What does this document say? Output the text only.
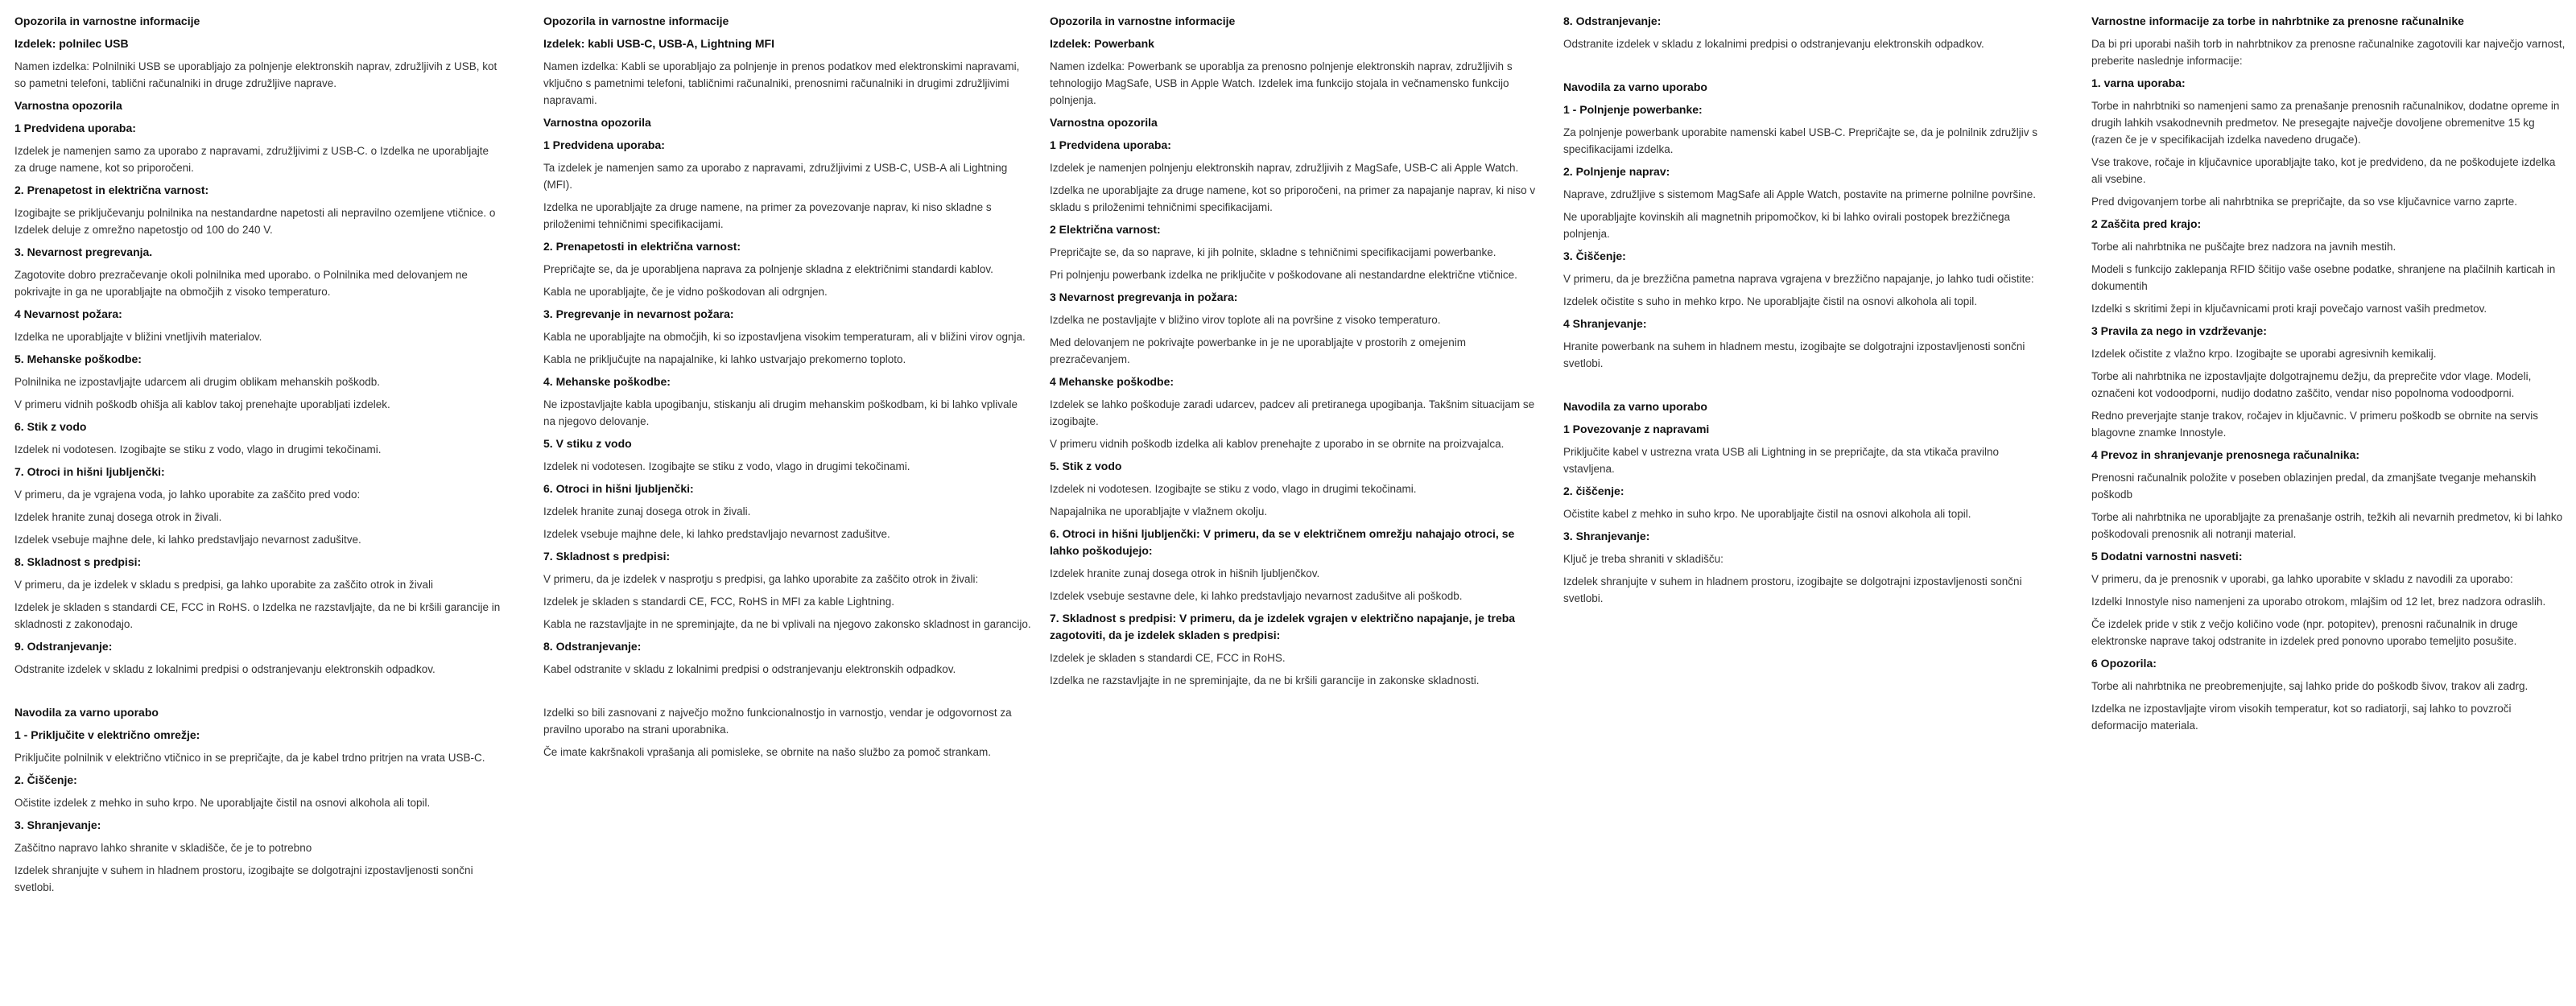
Opozorila in varnostne informacije
Izdelek: polnilec USB

Namen izdelka: Polnilniki USB se uporabljajo za polnjenje elektronskih naprav, združljivih z USB, kot so pametni telefoni, tablični računalniki in druge združljive naprave.

Varnostna opozorila
1 Predvidena uporaba:

Izdelek je namenjen samo za uporabo z napravami, združljivimi z USB-C. o Izdelka ne uporabljajte za druge namene, kot so priporočeni.

2. Prenapetost in električna varnost:

Izogibajte se priključevanju polnilnika na nestandardne napetosti ali nepravilno ozemljene vtičnice. o Izdelek deluje z omrežno napetostjo od 100 do 240 V.

3. Nevarnost pregrevanja.

Zagotovite dobro prezračevanje okoli polnilnika med uporabo. o Polnilnika med delovanjem ne pokrivajte in ga ne uporabljajte na območjih z visoko temperaturo.

4 Nevarnost požara:

Izdelka ne uporabljajte v bližini vnetljivih materialov.

5. Mehanske poškodbe:

Polnilnika ne izpostavljajte udarcem ali drugim oblikam mehanskih poškodb.

V primeru vidnih poškodb ohišja ali kablov takoj prenehajte uporabljati izdelek.

6. Stik z vodo

Izdelek ni vodotesen. Izogibajte se stiku z vodo, vlago in drugimi tekočinami.

7. Otroci in hišni ljubljenčki:

V primeru, da je vgrajena voda, jo lahko uporabite za zaščito pred vodo:

Izdelek hranite zunaj dosega otrok in živali.

Izdelek vsebuje majhne dele, ki lahko predstavljajo nevarnost zadušitve.

8. Skladnost s predpisi:

V primeru, da je izdelek v skladu s predpisi, ga lahko uporabite za zaščito otrok in živali

Izdelek je skladen s standardi CE, FCC in RoHS. o Izdelka ne razstavljajte, da ne bi kršili garancije in skladnosti z zakonodajo.

9. Odstranjevanje:

Odstranite izdelek v skladu z lokalnimi predpisi o odstranjevanju elektronskih odpadkov.

Navodila za varno uporabo
1 - Priključite v električno omrežje:

Priključite polnilnik v električno vtičnico in se prepričajte, da je kabel trdno pritrjen na vrata USB-C.

2. Čiščenje:

Očistite izdelek z mehko in suho krpo. Ne uporabljajte čistil na osnovi alkohola ali topil.

3. Shranjevanje:

Zaščitno napravo lahko shranite v skladišče, če je to potrebno

Izdelek shranjujte v suhem in hladnem prostoru, izogibajte se dolgotrajni izpostavljenosti sončni svetlobi.

Opozorila in varnostne informacije
Izdelek: kabli USB-C, USB-A, Lightning MFI

Namen izdelka: Kabli se uporabljajo za polnjenje in prenos podatkov med elektronskimi napravami, vključno s pametnimi telefoni, tabličnimi računalniki, prenosnimi računalniki in drugimi združljivimi napravami.

Varnostna opozorila
1 Predvidena uporaba:

Ta izdelek je namenjen samo za uporabo z napravami, združljivimi z USB-C, USB-A ali Lightning (MFI).

Izdelka ne uporabljajte za druge namene, na primer za povezovanje naprav, ki niso skladne s priloženimi tehničnimi specifikacijami.

2. Prenapetosti in električna varnost:

Prepričajte se, da je uporabljena naprava za polnjenje skladna z električnimi standardi kablov.

Kabla ne uporabljajte, če je vidno poškodovan ali odrgnjen.

3. Pregrevanje in nevarnost požara:

Kabla ne uporabljajte na območjih, ki so izpostavljena visokim temperaturam, ali v bližini virov ognja.

Kabla ne priključujte na napajalnike, ki lahko ustvarjajo prekomerno toploto.

4. Mehanske poškodbe:

Ne izpostavljajte kabla upogibanju, stiskanju ali drugim mehanskim poškodbam, ki bi lahko vplivale na njegovo delovanje.

5. V stiku z vodo

Izdelek ni vodotesen. Izogibajte se stiku z vodo, vlago in drugimi tekočinami.

6. Otroci in hišni ljubljenčki:

Izdelek hranite zunaj dosega otrok in živali.

Izdelek vsebuje majhne dele, ki lahko predstavljajo nevarnost zadušitve.

7. Skladnost s predpisi:

V primeru, da je izdelek v nasprotju s predpisi, ga lahko uporabite za zaščito otrok in živali:

Izdelek je skladen s standardi CE, FCC, RoHS in MFI za kable Lightning.

Kabla ne razstavljajte in ne spreminjajte, da ne bi vplivali na njegovo zakonsko skladnost in garancijo.

8. Odstranjevanje:

Kabel odstranite v skladu z lokalnimi predpisi o odstranjevanju elektronskih odpadkov.

Izdelki so bili zasnovani z največjo možno funkcionalnostjo in varnostjo, vendar je odgovornost za pravilno uporabo na strani uporabnika.

Če imate kakršnakoli vprašanja ali pomisleke, se obrnite na našo službo za pomoč strankam.

Opozorila in varnostne informacije
Izdelek: Powerbank

Namen izdelka: Powerbank se uporablja za prenosno polnjenje elektronskih naprav, združljivih s tehnologijo MagSafe, USB in Apple Watch. Izdelek ima funkcijo stojala in večnamensko funkcijo polnjenja.

Varnostna opozorila
1 Predvidena uporaba:

Izdelek je namenjen polnjenju elektronskih naprav, združljivih z MagSafe, USB-C ali Apple Watch.

Izdelka ne uporabljajte za druge namene, kot so priporočeni, na primer za napajanje naprav, ki niso v skladu s priloženimi tehničnimi specifikacijami.

2 Električna varnost:

Prepričajte se, da so naprave, ki jih polnite, skladne s tehničnimi specifikacijami powerbanke.

Pri polnjenju powerbank izdelka ne priključite v poškodovane ali nestandardne električne vtičnice.

3 Nevarnost pregrevanja in požara:

Izdelka ne postavljajte v bližino virov toplote ali na površine z visoko temperaturo.

Med delovanjem ne pokrivajte powerbanke in je ne uporabljajte v prostorih z omejenim prezračevanjem.

4 Mehanske poškodbe:

Izdelek se lahko poškoduje zaradi udarcev, padcev ali pretiranega upogibanja. Takšnim situacijam se izogibajte.

V primeru vidnih poškodb izdelka ali kablov prenehajte z uporabo in se obrnite na proizvajalca.

5. Stik z vodo

Izdelek ni vodotesen. Izogibajte se stiku z vodo, vlago in drugimi tekočinami.

Napajalnika ne uporabljajte v vlažnem okolju.

6. Otroci in hišni ljubljenčki: V primeru, da se v električnem omrežju nahajajo otroci, se lahko poškodujejo:

Izdelek hranite zunaj dosega otrok in hišnih ljubljenčkov.

Izdelek vsebuje sestavne dele, ki lahko predstavljajo nevarnost zadušitve ali poškodb.

7. Skladnost s predpisi: V primeru, da je izdelek vgrajen v električno napajanje, je treba zagotoviti, da je izdelek skladen s predpisi:

Izdelek je skladen s standardi CE, FCC in RoHS.

Izdelka ne razstavljajte in ne spreminjajte, da ne bi kršili garancije in zakonske skladnosti.

8. Odstranjevanje:

Odstranite izdelek v skladu z lokalnimi predpisi o odstranjevanju elektronskih odpadkov.

Navodila za varno uporabo
1 - Polnjenje powerbanke:

Za polnjenje powerbank uporabite namenski kabel USB-C. Prepričajte se, da je polnilnik združljiv s specifikacijami izdelka.

2. Polnjenje naprav:

Naprave, združljive s sistemom MagSafe ali Apple Watch, postavite na primerne polnilne površine.

Ne uporabljajte kovinskih ali magnetnih pripomočkov, ki bi lahko ovirali postopek brezžičnega polnjenja.

3. Čiščenje:

V primeru, da je brezžična pametna naprava vgrajena v brezžično napajanje, jo lahko tudi očistite:

Izdelek očistite s suho in mehko krpo. Ne uporabljajte čistil na osnovi alkohola ali topil.

4 Shranjevanje:

Hranite powerbank na suhem in hladnem mestu, izogibajte se dolgotrajni izpostavljenosti sončni svetlobi.

Navodila za varno uporabo
1 Povezovanje z napravami

Priključite kabel v ustrezna vrata USB ali Lightning in se prepričajte, da sta vtikača pravilno vstavljena.

2. čiščenje:

Očistite kabel z mehko in suho krpo. Ne uporabljajte čistil na osnovi alkohola ali topil.

3. Shranjevanje:

Ključ je treba shraniti v skladišču:

Izdelek shranjujte v suhem in hladnem prostoru, izogibajte se dolgotrajni izpostavljenosti sončni svetlobi.

Varnostne informacije za torbe in nahrbtnike za prenosne računalnike

Da bi pri uporabi naših torb in nahrbtnikov za prenosne računalnike zagotovili kar največjo varnost, preberite naslednje informacije:

1. varna uporaba:

Torbe in nahrbtniki so namenjeni samo za prenašanje prenosnih računalnikov, dodatne opreme in drugih lahkih vsakodnevnih predmetov. Ne presegajte največje dovoljene obremenitve 15 kg (razen če je v specifikacijah izdelka navedeno drugače).

Vse trakove, ročaje in ključavnice uporabljajte tako, kot je predvideno, da ne poškodujete izdelka ali vsebine.

Pred dvigovanjem torbe ali nahrbtnika se prepričajte, da so vse ključavnice varno zaprte.

2 Zaščita pred krajo:

Torbe ali nahrbtnika ne puščajte brez nadzora na javnih mestih.

Modeli s funkcijo zaklepanja RFID ščitijo vaše osebne podatke, shranjene na plačilnih karticah in dokumentih

Izdelki s skritimi žepi in ključavnicami proti kraji povečajo varnost vaših predmetov.

3 Pravila za nego in vzdrževanje:

Izdelek očistite z vlažno krpo. Izogibajte se uporabi agresivnih kemikalij.

Torbe ali nahrbtnika ne izpostavljajte dolgotrajnemu dežju, da preprečite vdor vlage. Modeli, označeni kot vodoodporni, nudijo dodatno zaščito, vendar niso popolnoma vodoodporni.

Redno preverjajte stanje trakov, ročajev in ključavnic. V primeru poškodb se obrnite na servis blagovne znamke Innostyle.

4 Prevoz in shranjevanje prenosnega računalnika:

Prenosni računalnik položite v poseben oblazinjen predal, da zmanjšate tveganje mehanskih poškodb

Torbe ali nahrbtnika ne uporabljajte za prenašanje ostrih, težkih ali nevarnih predmetov, ki bi lahko poškodovali prenosnik ali notranji material.

5 Dodatni varnostni nasveti:

V primeru, da je prenosnik v uporabi, ga lahko uporabite v skladu z navodili za uporabo:

Izdelki Innostyle niso namenjeni za uporabo otrokom, mlajšim od 12 let, brez nadzora odraslih.

Če izdelek pride v stik z večjo količino vode (npr. potopitev), prenosni računalnik in druge elektronske naprave takoj odstranite in izdelek pred ponovno uporabo temeljito posušite.

6 Opozorila:

Torbe ali nahrbtnika ne preobremenjujte, saj lahko pride do poškodb šivov, trakov ali zadrg.

Izdelka ne izpostavljajte virom visokih temperatur, kot so radiatorji, saj lahko to povzroči deformacijo materiala.
